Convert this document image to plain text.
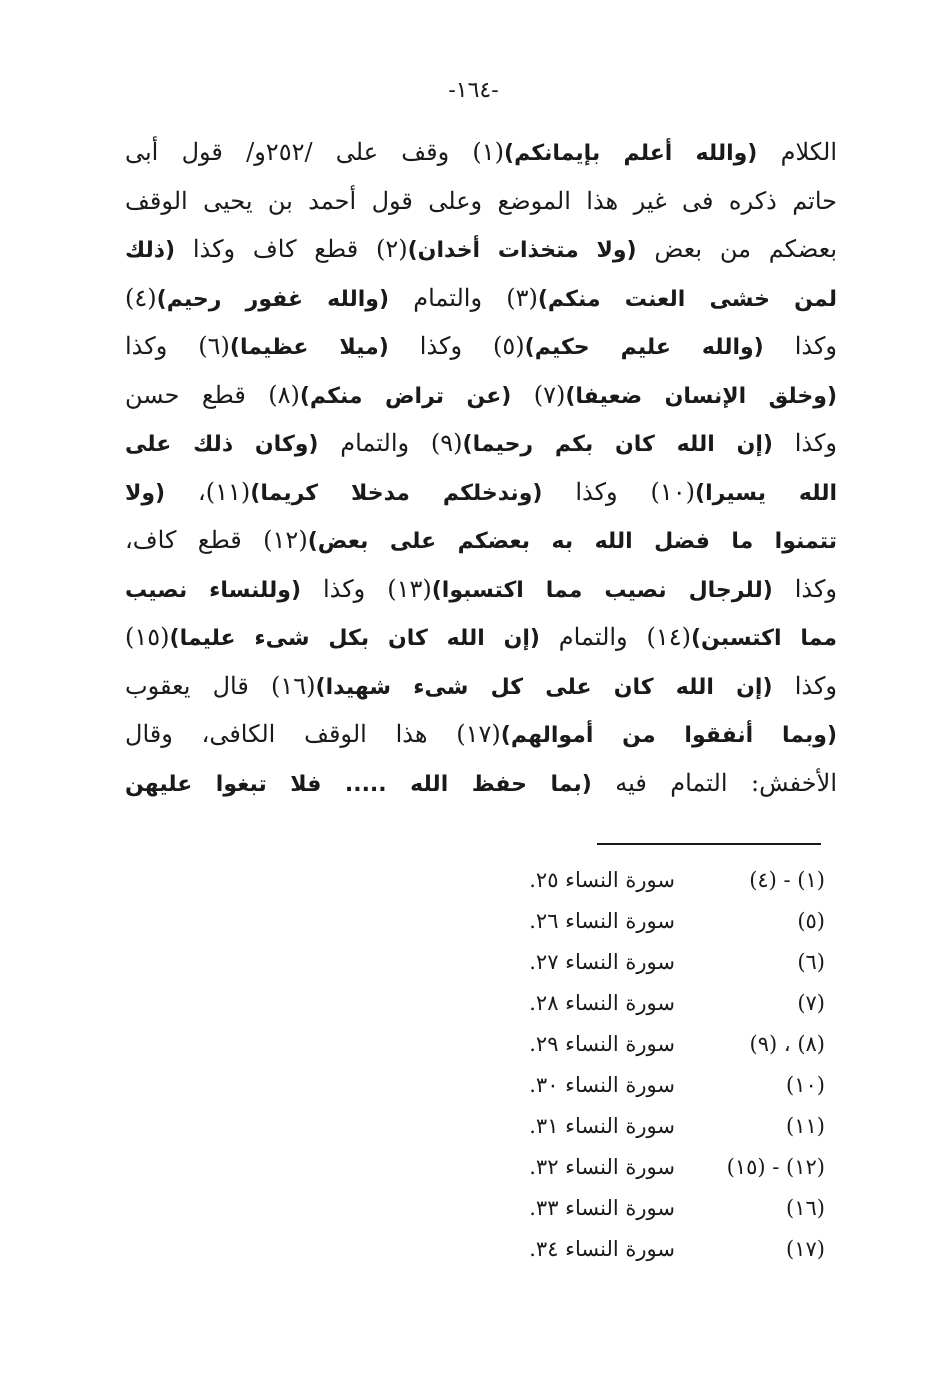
-١٦٤-
الكلام (والله أعلم بإيمانكم)(١) وقف على /٢٥٢و/ قول أبى
حاتم ذكره فى غير هذا الموضع وعلى قول أحمد بن يحيى الوقف
بعضكم من بعض (ولا متخذات أخدان)(٢) قطع كاف وكذا (ذلك
لمن خشى العنت منكم)(٣) والتمام (والله غفور رحيم)(٤)
وكذا (والله عليم حكيم)(٥) وكذا (ميلا عظيما)(٦) وكذا
(وخلق الإنسان ضعيفا)(٧) (عن تراض منكم)(٨) قطع حسن
وكذا (إن الله كان بكم رحيما)(٩) والتمام (وكان ذلك على
الله يسيرا)(١٠) وكذا (وندخلكم مدخلا كريما)(١١)، (ولا
تتمنوا ما فضل الله به بعضكم على بعض)(١٢) قطع كاف،
وكذا (للرجال نصيب مما اكتسبوا)(١٣) وكذا (وللنساء نصيب
مما اكتسبن)(١٤) والتمام (إن الله كان بكل شىء عليما)(١٥)
وكذا (إن الله كان على كل شىء شهيدا)(١٦) قال يعقوب
(وبما أنفقوا من أموالهم)(١٧) هذا الوقف الكافى، وقال
الأخفش: التمام فيه (بما حفظ الله ..... فلا تبغوا عليهن
(١) - (٤)
سورة النساء ٢٥.
(٥)
سورة النساء ٢٦.
(٦)
سورة النساء ٢٧.
(٧)
سورة النساء ٢٨.
(٨) ، (٩)
سورة النساء ٢٩.
(١٠)
سورة النساء ٣٠.
(١١)
سورة النساء ٣١.
(١٢) - (١٥)
سورة النساء ٣٢.
(١٦)
سورة النساء ٣٣.
(١٧)
سورة النساء ٣٤.
